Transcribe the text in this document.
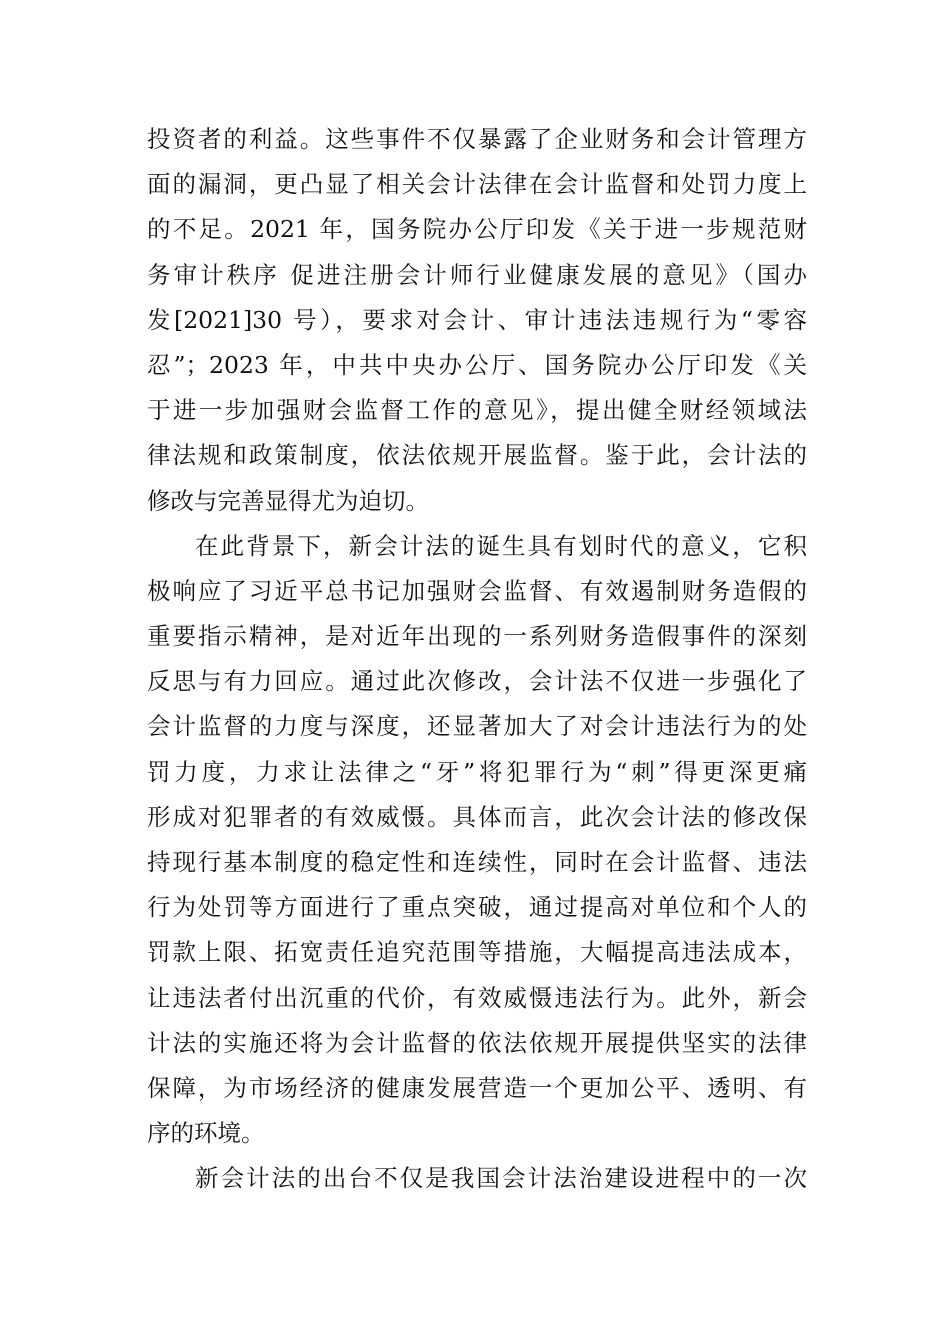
投资者的利益。这些事件不仅暴露了企业财务和会计管理方
面的漏洞，更凸显了相关会计法律在会计监督和处罚力度上
的不足。2021 年，国务院办公厅印发《关于进一步规范财
务审计秩序 促进注册会计师行业健康发展的意见》（国办
发[2021]30 号），要求对会计、审计违法违规行为“零容
忍”；2023 年，中共中央办公厅、国务院办公厅印发《关
于进一步加强财会监督工作的意见》，提出健全财经领域法
律法规和政策制度，依法依规开展监督。鉴于此，会计法的
修改与完善显得尤为迫切。
在此背景下，新会计法的诞生具有划时代的意义，它积
极响应了习近平总书记加强财会监督、有效遏制财务造假的
重要指示精神，是对近年出现的一系列财务造假事件的深刻
反思与有力回应。通过此次修改，会计法不仅进一步强化了
会计监督的力度与深度，还显著加大了对会计违法行为的处
罚力度，力求让法律之“牙”将犯罪行为“刺”得更深更痛
形成对犯罪者的有效威慑。具体而言，此次会计法的修改保
持现行基本制度的稳定性和连续性，同时在会计监督、违法
行为处罚等方面进行了重点突破，通过提高对单位和个人的
罚款上限、拓宽责任追究范围等措施，大幅提高违法成本，
让违法者付出沉重的代价，有效威慑违法行为。此外，新会
计法的实施还将为会计监督的依法依规开展提供坚实的法律
保障，为市场经济的健康发展营造一个更加公平、透明、有
序的环境。
新会计法的出台不仅是我国会计法治建设进程中的一次
